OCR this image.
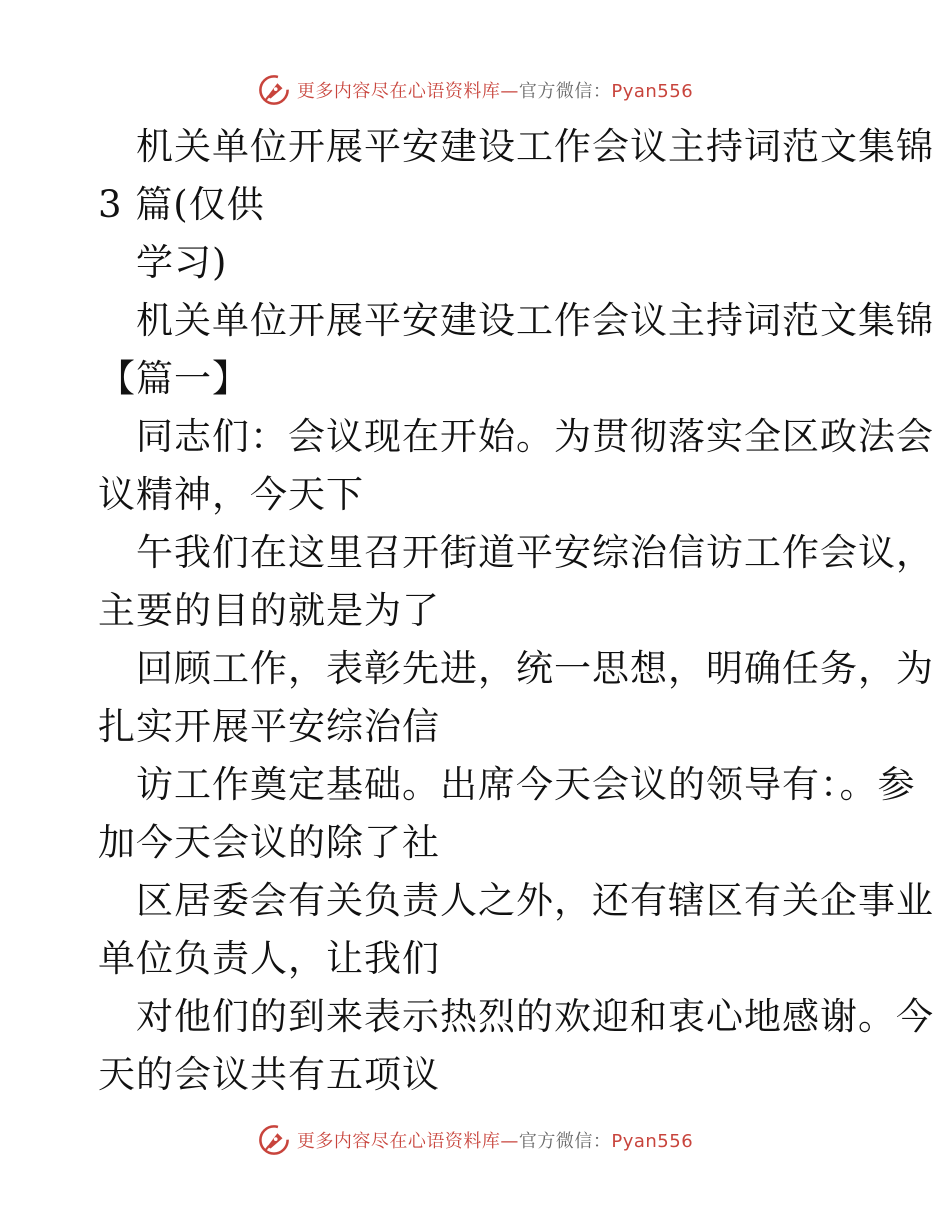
更多内容尽在心语资料库—官方微信：Pyan556
机关单位开展平安建设工作会议主持词范文集锦
3 篇(仅供
学习)
机关单位开展平安建设工作会议主持词范文集锦
【篇一】
同志们：会议现在开始。为贯彻落实全区政法会
议精神，今天下
午我们在这里召开街道平安综治信访工作会议，
主要的目的就是为了
回顾工作，表彰先进，统一思想，明确任务，为
扎实开展平安综治信
访工作奠定基础。出席今天会议的领导有：。参
加今天会议的除了社
区居委会有关负责人之外，还有辖区有关企事业
单位负责人，让我们
对他们的到来表示热烈的欢迎和衷心地感谢。今
天的会议共有五项议
更多内容尽在心语资料库—官方微信：Pyan556
